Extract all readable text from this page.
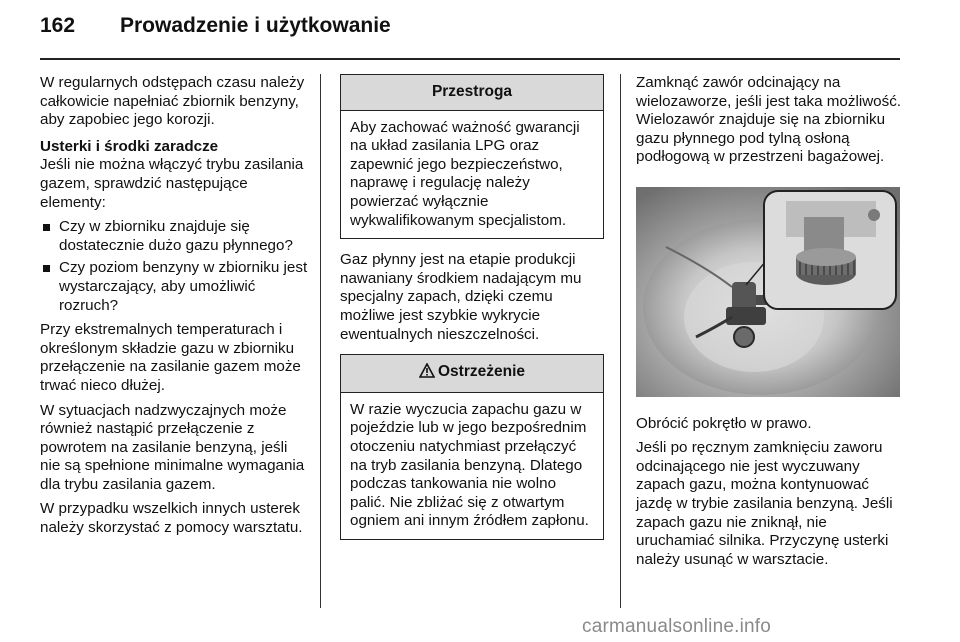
162 Prowadzenie i użytkowanie

W regularnych odstępach czasu należy całkowicie napełniać zbiornik benzyny, aby zapobiec jego korozji.

Usterki i środki zaradcze

Jeśli nie można włączyć trybu zasilania gazem, sprawdzić następujące elementy:

Czy w zbiorniku znajduje się dostatecznie dużo gazu płynnego?
Czy poziom benzyny w zbiorniku jest wystarczający, aby umożliwić rozruch?

Przy ekstremalnych temperaturach i określonym składzie gazu w zbiorniku przełączenie na zasilanie gazem może trwać nieco dłużej.

W sytuacjach nadzwyczajnych może również nastąpić przełączenie z powrotem na zasilanie benzyną, jeśli nie są spełnione minimalne wymagania dla trybu zasilania gazem.

W przypadku wszelkich innych usterek należy skorzystać z pomocy warsztatu.

Przestroga
Aby zachować ważność gwarancji na układ zasilania LPG oraz zapewnić jego bezpieczeństwo, naprawę i regulację należy powierzać wyłącznie wykwalifikowanym specjalistom.

Gaz płynny jest na etapie produkcji nawaniany środkiem nadającym mu specjalny zapach, dzięki czemu możliwe jest szybkie wykrycie ewentualnych nieszczelności.

Ostrzeżenie
W razie wyczucia zapachu gazu w pojeździe lub w jego bezpośrednim otoczeniu natychmiast przełączyć na tryb zasilania benzyną. Dlatego podczas tankowania nie wolno palić. Nie zbliżać się z otwartym ogniem ani innym źródłem zapłonu.

Zamknąć zawór odcinający na wielozaworze, jeśli jest taka możliwość. Wielozawór znajduje się na zbiorniku gazu płynnego pod tylną osłoną podłogową w przestrzeni bagażowej.

Obrócić pokrętło w prawo.

Jeśli po ręcznym zamknięciu zaworu odcinającego nie jest wyczuwany zapach gazu, można kontynuować jazdę w trybie zasilania benzyną. Jeśli zapach gazu nie zniknął, nie uruchamiać silnika. Przyczynę usterki należy usunąć w warsztacie.

carmanualsonline.info
